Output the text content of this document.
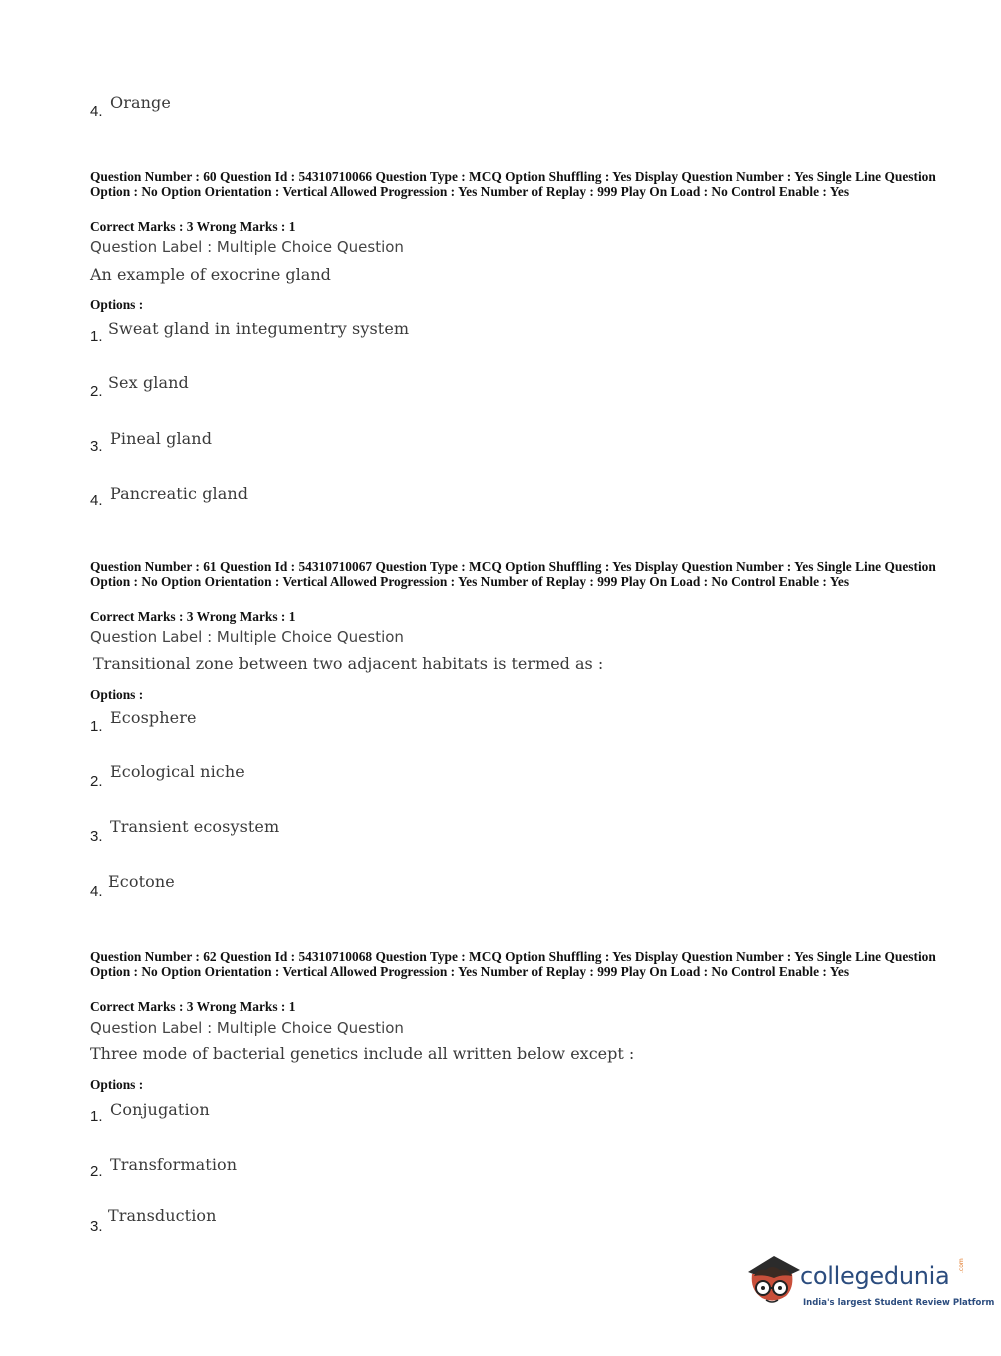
4. Orange
Question Number : 60 Question Id : 54310710066 Question Type : MCQ Option Shuffling : Yes Display Question Number : Yes Single Line Question Option : No Option Orientation : Vertical Allowed Progression : Yes Number of Replay : 999 Play On Load : No Control Enable : Yes
Correct Marks : 3 Wrong Marks : 1
Question Label : Multiple Choice Question
An example of exocrine gland
Options :
1. Sweat gland in integumentry system
2. Sex gland
3. Pineal gland
4. Pancreatic gland
Question Number : 61 Question Id : 54310710067 Question Type : MCQ Option Shuffling : Yes Display Question Number : Yes Single Line Question Option : No Option Orientation : Vertical Allowed Progression : Yes Number of Replay : 999 Play On Load : No Control Enable : Yes
Correct Marks : 3 Wrong Marks : 1
Question Label : Multiple Choice Question
Transitional zone between two adjacent habitats is termed as :
Options :
1. Ecosphere
2.
Ecological niche
3.
Transient ecosystem
4.
Ecotone
Question Number : 62 Question Id : 54310710068 Question Type : MCQ Option Shuffling : Yes Display Question Number : Yes Single Line Question Option : No Option Orientation : Vertical Allowed Progression : Yes Number of Replay : 999 Play On Load : No Control Enable : Yes
Correct Marks : 3 Wrong Marks : 1
Question Label : Multiple Choice Question
Three mode of bacterial genetics include all written below except :
Options :
1. Conjugation
2. Transformation
3.
Transduction
collegedunia .com
India's largest Student Review Platform
